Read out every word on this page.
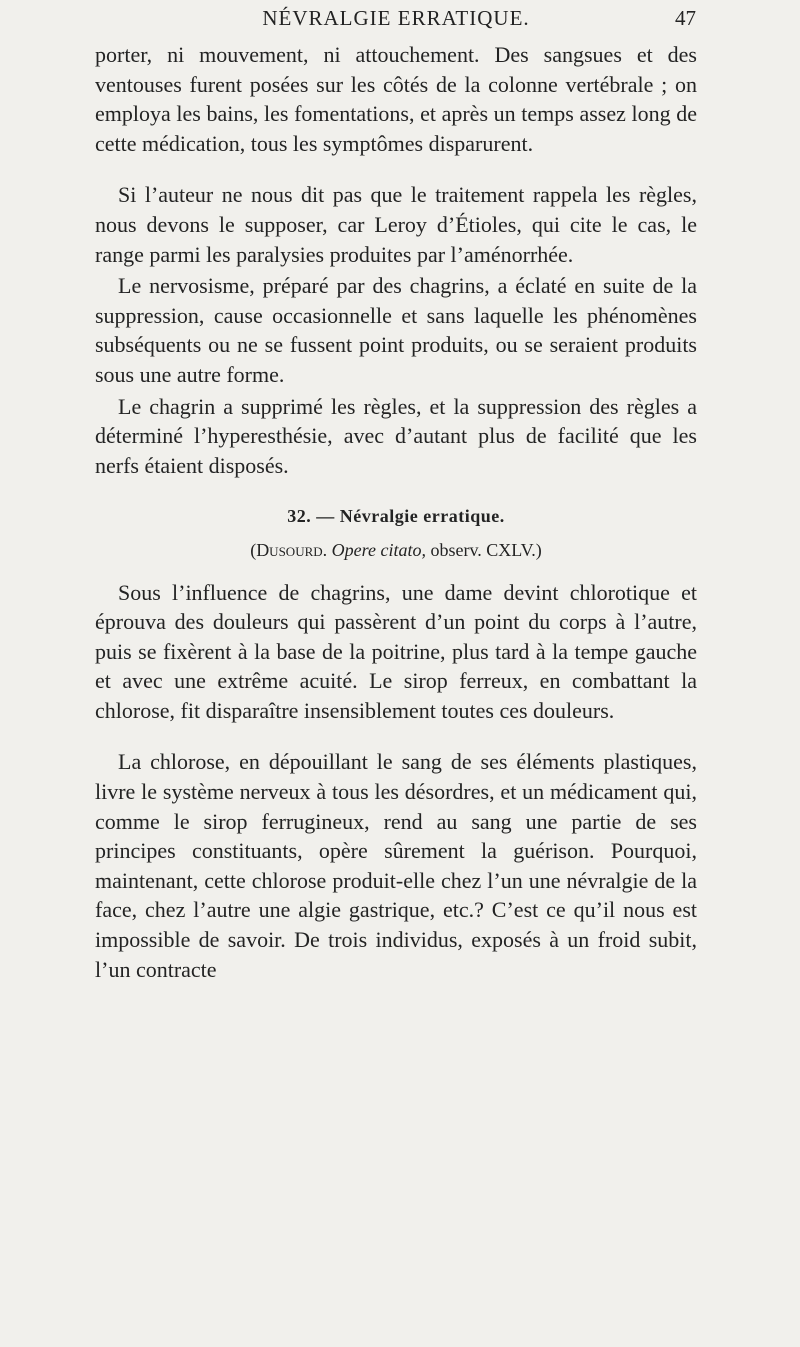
NÉVRALGIE ERRATIQUE.	47

porter, ni mouvement, ni attouchement. Des sangsues et des ventouses furent posées sur les côtés de la colonne vertébrale ; on employa les bains, les fomentations, et après un temps assez long de cette médication, tous les symptômes disparurent.

Si l’auteur ne nous dit pas que le traitement rappela les règles, nous devons le supposer, car Leroy d’Étioles, qui cite le cas, le range parmi les paralysies produites par l’aménorrhée.

Le nervosisme, préparé par des chagrins, a éclaté en suite de la suppression, cause occasionnelle et sans laquelle les phénomènes subséquents ou ne se fussent point produits, ou se seraient produits sous une autre forme.

Le chagrin a supprimé les règles, et la suppression des règles a déterminé l’hyperesthésie, avec d’autant plus de facilité que les nerfs étaient disposés.

32. — Névralgie erratique.

(Dusourd. Opere citato, observ. CXLV.)

Sous l’influence de chagrins, une dame devint chlorotique et éprouva des douleurs qui passèrent d’un point du corps à l’autre, puis se fixèrent à la base de la poitrine, plus tard à la tempe gauche et avec une extrême acuité. Le sirop ferreux, en combattant la chlorose, fit disparaître insensiblement toutes ces douleurs.

La chlorose, en dépouillant le sang de ses éléments plastiques, livre le système nerveux à tous les désordres, et un médicament qui, comme le sirop ferrugineux, rend au sang une partie de ses principes constituants, opère sûrement la guérison. Pourquoi, maintenant, cette chlorose produit-elle chez l’un une névralgie de la face, chez l’autre une algie gastrique, etc.? C’est ce qu’il nous est impossible de savoir. De trois individus, exposés à un froid subit, l’un contracte
